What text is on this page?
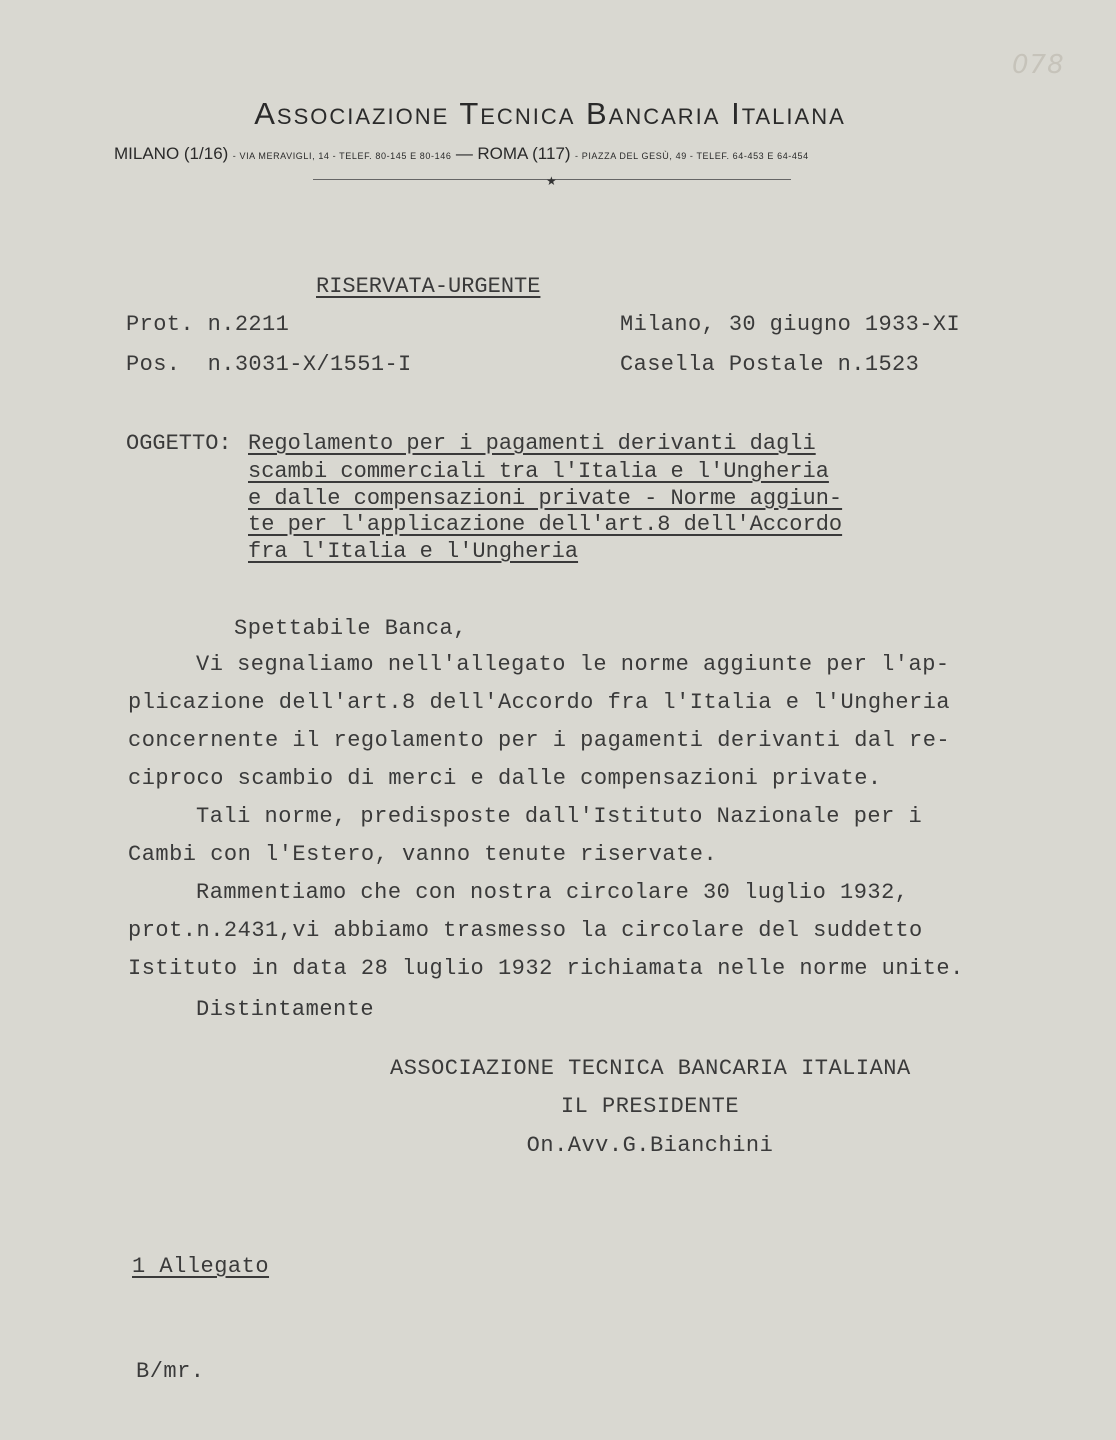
078
Associazione Tecnica Bancaria Italiana
MILANO (1/16) - VIA MERAVIGLI, 14 - TELEF. 80-145 E 80-146 — ROMA (117) - PIAZZA DEL GESÙ, 49 - TELEF. 64-453 E 64-454
★
RISERVATA-URGENTE
Prot. n.2211
Pos.  n.3031-X/1551-I
Milano, 30 giugno 1933-XI
Casella Postale n.1523
OGGETTO: Regolamento per i pagamenti derivanti dagli
scambi commerciali tra l'Italia e l'Ungheria
e dalle compensazioni private - Norme aggiun-
te per l'applicazione dell'art.8 dell'Accordo
fra l'Italia e l'Ungheria
Spettabile Banca,
Vi segnaliamo nell'allegato le norme aggiunte per l'ap-
plicazione dell'art.8 dell'Accordo fra l'Italia e l'Ungheria
concernente il regolamento per i pagamenti derivanti dal re-
ciproco scambio di merci e dalle compensazioni private.
Tali norme, predisposte dall'Istituto Nazionale per i
Cambi con l'Estero, vanno tenute riservate.
Rammentiamo che con nostra circolare 30 luglio 1932,
prot.n.2431,vi abbiamo trasmesso la circolare del suddetto
Istituto in data 28 luglio 1932 richiamata nelle norme unite.
Distintamente
ASSOCIAZIONE TECNICA BANCARIA ITALIANA
IL PRESIDENTE
On.Avv.G.Bianchini
1 Allegato
B/mr.
